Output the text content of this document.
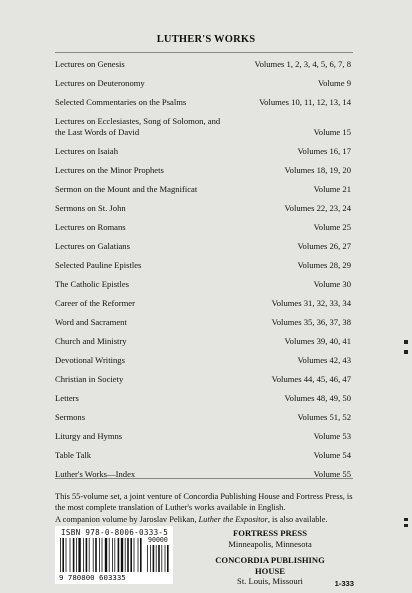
LUTHER'S WORKS
Lectures on Genesis	Volumes 1, 2, 3, 4, 5, 6, 7, 8
Lectures on Deuteronomy	Volume 9
Selected Commentaries on the Psalms	Volumes 10, 11, 12, 13, 14
Lectures on Ecclesiastes, Song of Solomon, and
the Last Words of David	Volume 15
Lectures on Isaiah	Volumes 16, 17
Lectures on the Minor Prophets	Volumes 18, 19, 20
Sermon on the Mount and the Magnificat	Volume 21
Sermons on St. John	Volumes 22, 23, 24
Lectures on Romans	Volume 25
Lectures on Galatians	Volumes 26, 27
Selected Pauline Epistles	Volumes 28, 29
The Catholic Epistles	Volume 30
Career of the Reformer	Volumes 31, 32, 33, 34
Word and Sacrament	Volumes 35, 36, 37, 38
Church and Ministry	Volumes 39, 40, 41
Devotional Writings	Volumes 42, 43
Christian in Society	Volumes 44, 45, 46, 47
Letters	Volumes 48, 49, 50
Sermons	Volumes 51, 52
Liturgy and Hymns	Volume 53
Table Talk	Volume 54
Luther's Works—Index	Volume 55

This 55-volume set, a joint venture of Concordia Publishing House and Fortress Press, is the most complete translation of Luther's works available in English.

A companion volume by Jaroslav Pelikan, Luther the Expositor, is also available.

ISBN 978-0-8006-0333-5
9 780800 603335
90000
FORTRESS PRESS
Minneapolis, Minnesota
CONCORDIA PUBLISHING HOUSE
St. Louis, Missouri	1-333
